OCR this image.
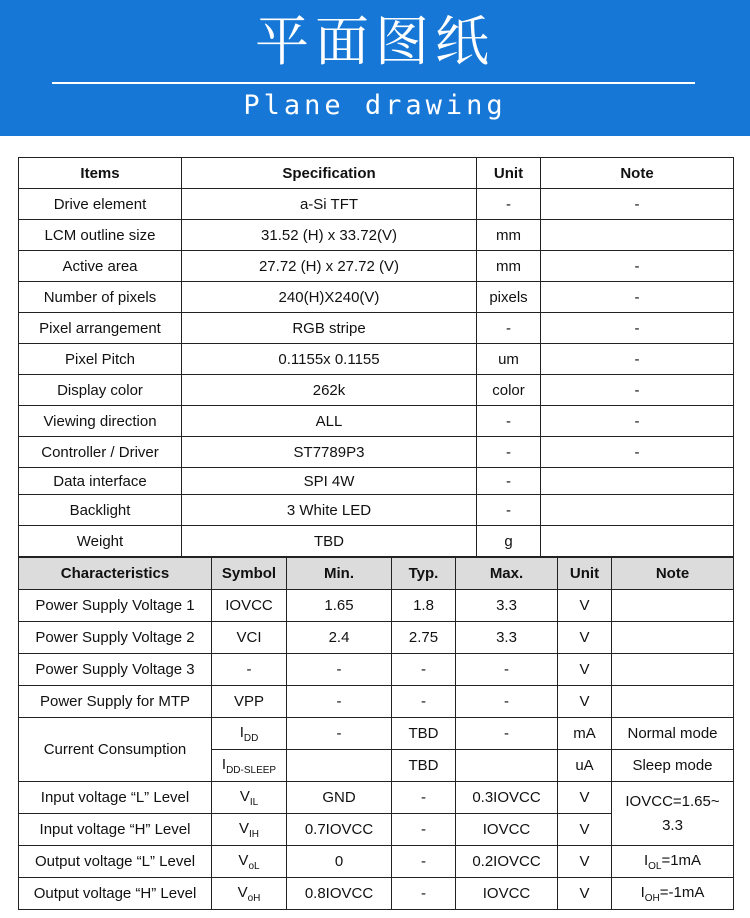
平面图纸
Plane drawing
Items	Specification	Unit	Note
Drive element	a-Si TFT	-	-
LCM outline size	31.52 (H) x 33.72(V)	mm	
Active area	27.72 (H) x 27.72 (V)	mm	-
Number of pixels	240(H)X240(V)	pixels	-
Pixel arrangement	RGB stripe	-	-
Pixel Pitch	0.1155x 0.1155	um	-
Display color	262k	color	-
Viewing direction	ALL	-	-
Controller / Driver	ST7789P3	-	-
Data interface	SPI 4W	-	
Backlight	3 White LED	-	
Weight	TBD	g	
Characteristics	Symbol	Min.	Typ.	Max.	Unit	Note
Power Supply Voltage 1	IOVCC	1.65	1.8	3.3	V	
Power Supply Voltage 2	VCI	2.4	2.75	3.3	V	
Power Supply Voltage 3	-	-	-	-	V	
Power Supply for MTP	VPP	-	-	-	V	
Current Consumption	$I_{DD}$	-	TBD	-	mA	Normal mode
	$I_{DD-SLEEP}$		TBD		uA	Sleep mode
Input voltage “L” Level	$V_{IL}$	GND	-	0.3IOVCC	V	IOVCC=1.65~ 3.3
Input voltage “H” Level	$V_{IH}$	0.7IOVCC	-	IOVCC	V	
Output voltage “L” Level	$V_{oL}$	0	-	0.2IOVCC	V	$I_{OL}=1mA$
Output voltage “H” Level	$V_{oH}$	0.8IOVCC	-	IOVCC	V	$I_{OH}=-1mA$
